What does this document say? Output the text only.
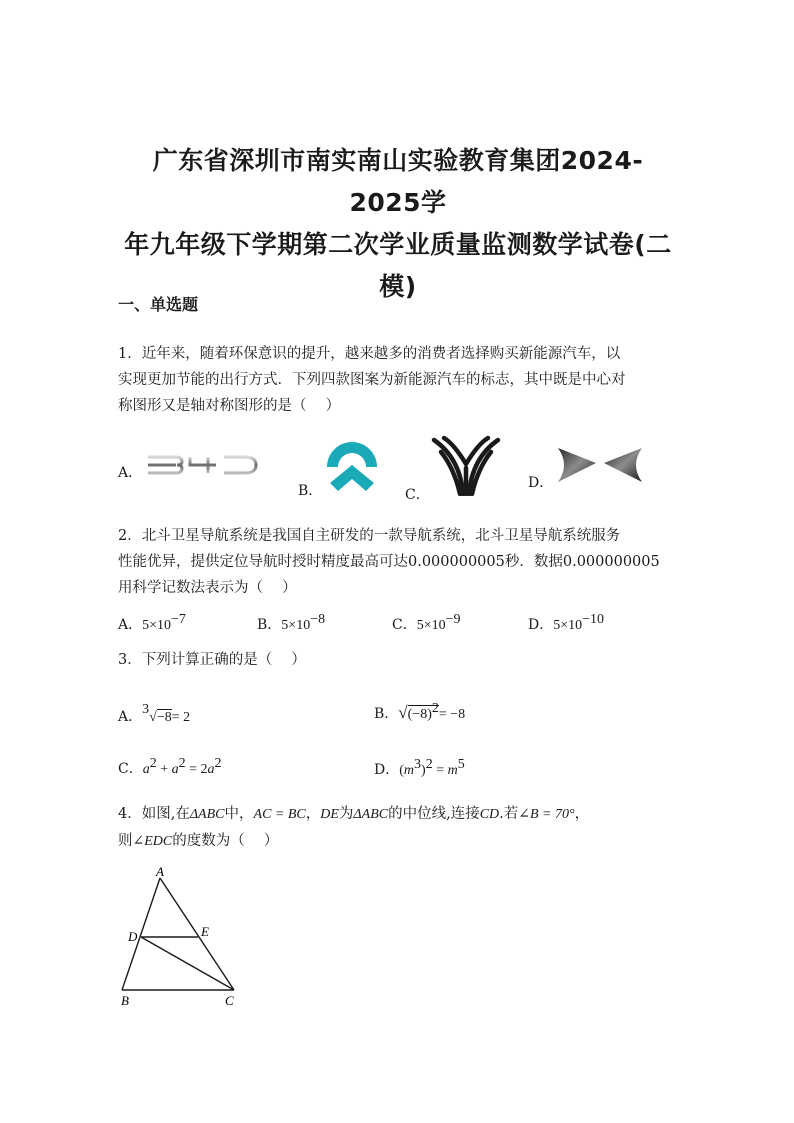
广东省深圳市南实南山实验教育集团2024-2025学
年九年级下学期第二次学业质量监测数学试卷(二模)
一、单选题
1．近年来，随着环保意识的提升，越来越多的消费者选择购买新能源汽车，以
实现更加节能的出行方式．下列四款图案为新能源汽车的标志，其中既是中心对
称图形又是轴对称图形的是（　 ）
A．
B．	C．
D．
2．北斗卫星导航系统是我国自主研发的一款导航系统，北斗卫星导航系统服务
性能优异，提供定位导航时授时精度最高可达0.000000005秒．数据0.000000005
用科学记数法表示为（　 ）
A．$5\times 10^{-7}$	B．$5\times 10^{-8}$	C．$5\times 10^{-9}$	D．$5\times 10^{-10}$
3．下列计算正确的是（　 ）
A．$^3$√−8= 2	B．$√(-8)^2= -8$
C．$a^2 + a^2 = 2a^2$	D．$(m^3)^2 = m^5$
4．如图,在ΔABC中，AC = BC，DE为ΔABC的中位线,连接CD.若∠B = 70°，
则∠EDC的度数为（　 ）
A
B	C
D	E
